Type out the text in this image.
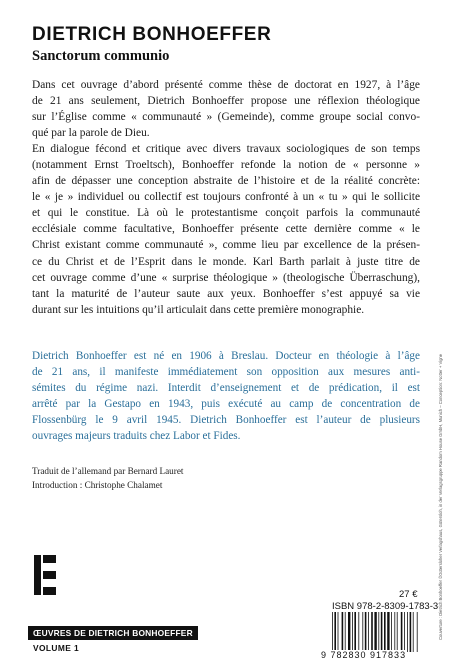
DIETRICH BONHOEFFER
Sanctorum communio
Dans cet ouvrage d’abord présenté comme thèse de doctorat en 1927, à l’âge
de 21 ans seulement, Dietrich Bonhoeffer propose une réflexion théologique
sur l’Église comme « communauté » (Gemeinde), comme groupe social convo-
qué par la parole de Dieu.
En dialogue fécond et critique avec divers travaux sociologiques de son temps
(notamment Ernst Troeltsch), Bonhoeffer refonde la notion de « personne »
afin de dépasser une conception abstraite de l’histoire et de la réalité concrète:
le « je » individuel ou collectif est toujours confronté à un « tu » qui le sollicite
et qui le constitue. Là où le protestantisme conçoit parfois la communauté
ecclésiale comme facultative, Bonhoeffer présente cette dernière comme « le
Christ existant comme communauté », comme lieu par excellence de la présen-
ce du Christ et de l’Esprit dans le monde. Karl Barth parlait à juste titre de
cet ouvrage comme d’une « surprise théologique » (theologische Überraschung),
tant la maturité de l’auteur saute aux yeux. Bonhoeffer s’est appuyé sa vie
durant sur les intuitions qu’il articulait dans cette première monographie.
Dietrich Bonhoeffer est né en 1906 à Breslau. Docteur en théologie à l’âge
de 21 ans, il manifeste immédiatement son opposition aux mesures anti-
sémites du régime nazi. Interdit d’enseignement et de prédication, il est
arrêté par la Gestapo en 1943, puis exécuté au camp de concentration de
Flossenbürg le 9 avril 1945. Dietrich Bonhoeffer est l’auteur de plusieurs
ouvrages majeurs traduits chez Labor et Fides.
Traduit de l’allemand par Bernard Lauret
Introduction : Christophe Chalamet	Couverture : Dietrich Bonhoeffer ©Gütersloher Verlagshaus, Gütersloh, in der Verlagsgruppe Random House GmbH, Munich – Conception: Notter + Vigne
ŒUVRES DE DIETRICH BONHOEFFER
VOLUME 1
27 €
ISBN 978-2-8309-1783-3
9 782830 917833
